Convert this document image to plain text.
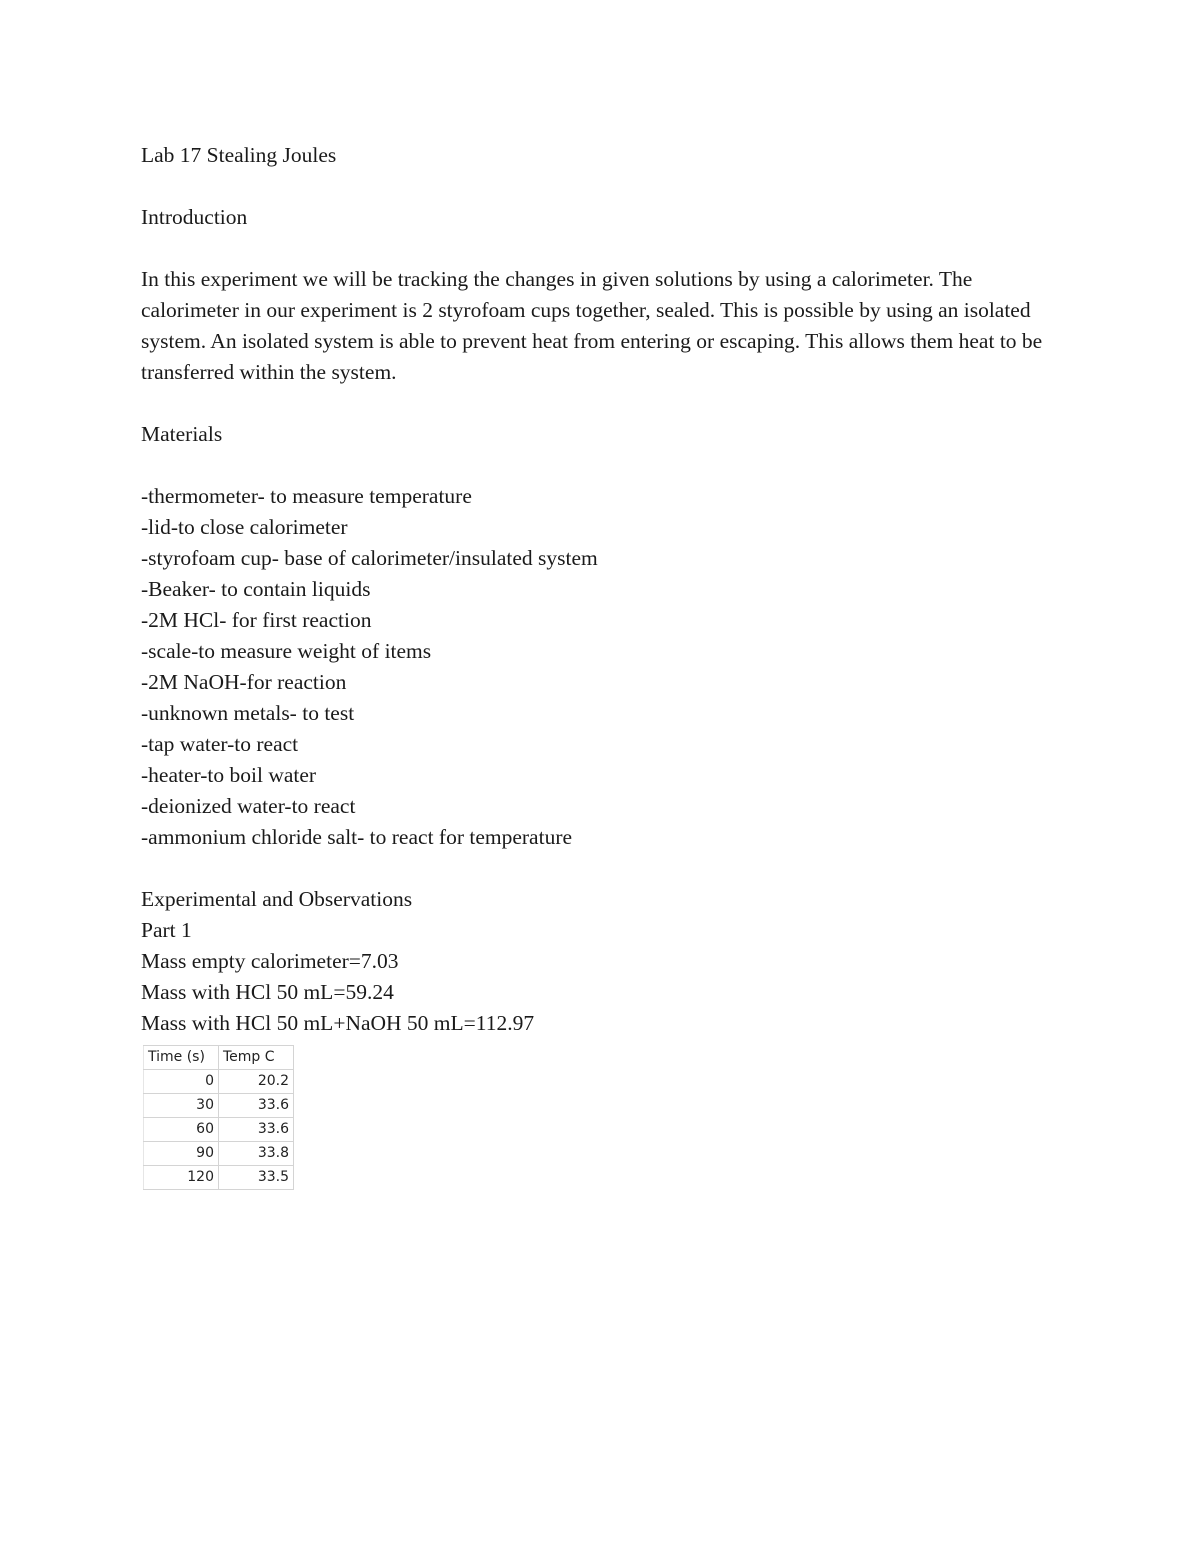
Lab 17 Stealing Joules
Introduction
In this experiment we will be tracking the changes in given solutions by using a calorimeter. The calorimeter in our experiment is 2 styrofoam cups together, sealed. This is possible by using an isolated system. An isolated system is able to prevent heat from entering or escaping. This allows them heat to be transferred within the system.
Materials
-thermometer- to measure temperature
-lid-to close calorimeter
-styrofoam cup- base of calorimeter/insulated system
-Beaker- to contain liquids
-2M HCl- for first reaction
-scale-to measure weight of items
-2M NaOH-for reaction
-unknown metals- to test
-tap water-to react
-heater-to boil water
-deionized water-to react
-ammonium chloride salt- to react for temperature
Experimental and Observations
Part 1
Mass empty calorimeter=7.03
Mass with HCl 50 mL=59.24
Mass with HCl 50 mL+NaOH 50 mL=112.97
Time (s)	Temp C
0	20.2
30	33.6
60	33.6
90	33.8
120	33.5
